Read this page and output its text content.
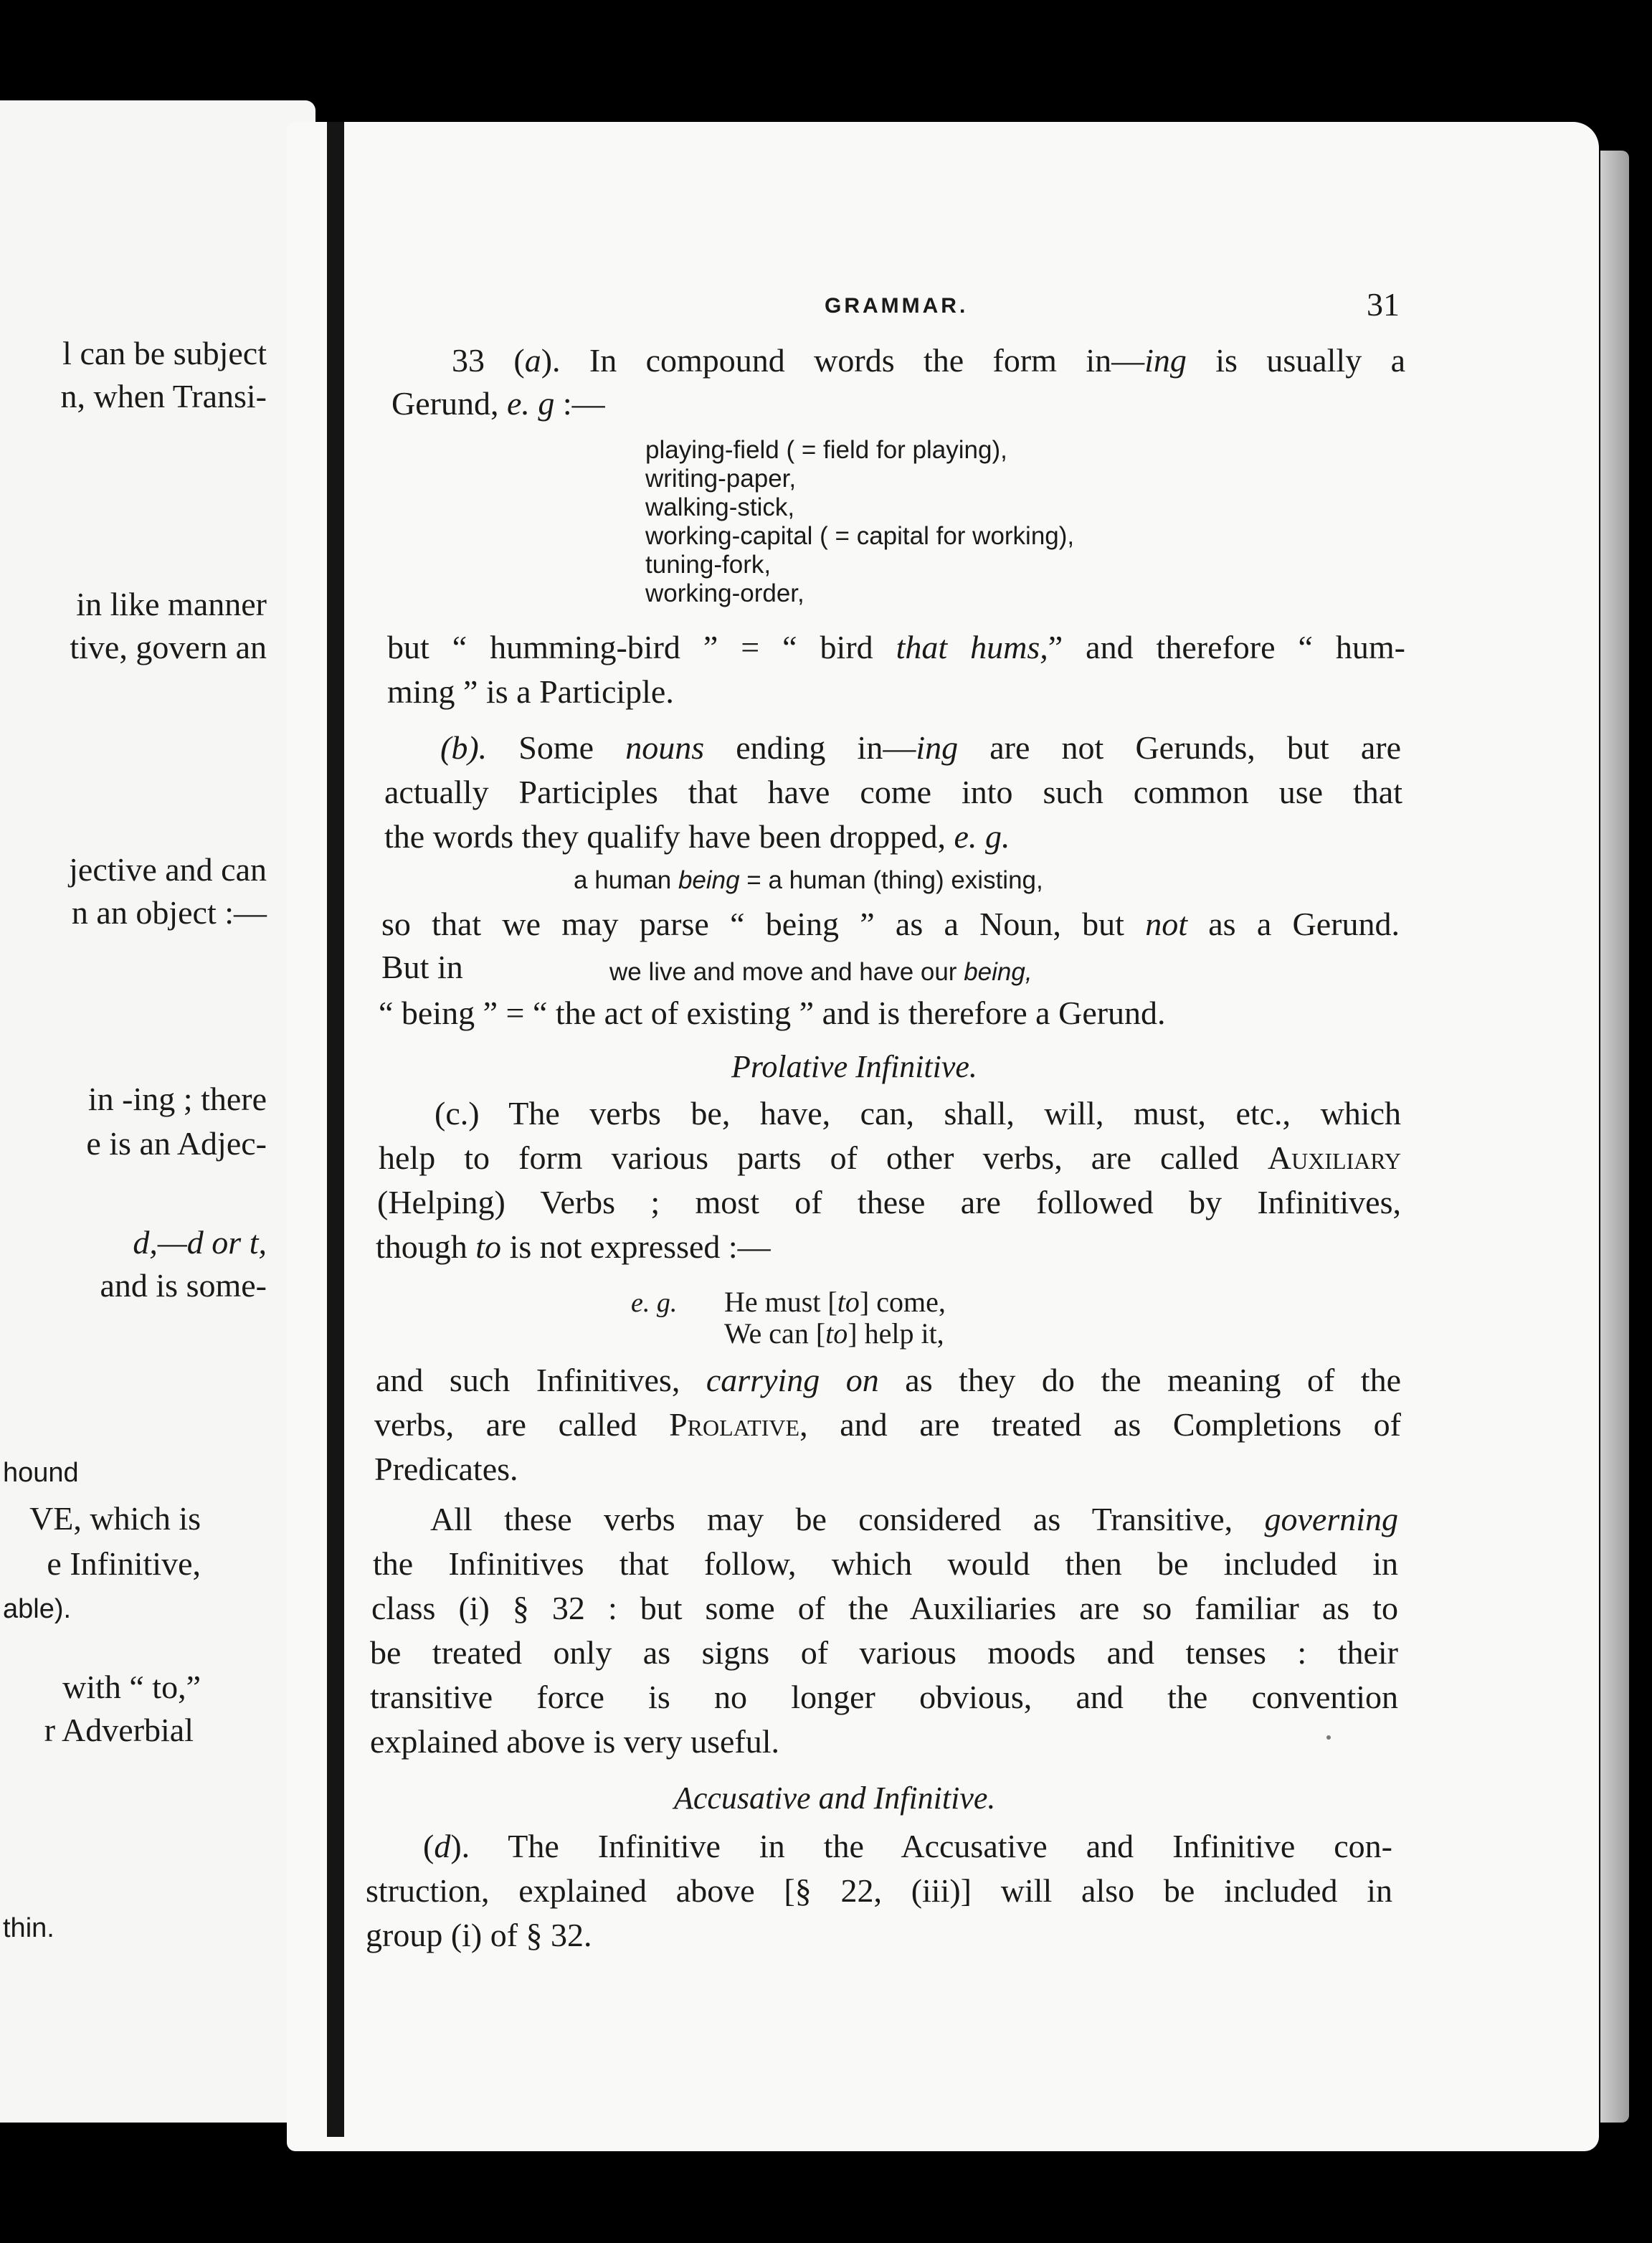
l can be subject
n, when Transi-
in like manner
tive, govern an
jective and can
n an object :—
in -ing ; there
e is an Adjec-
d,—d or t,
and is some-
hound
VE, which is
e Infinitive,
able).
with “ to,”
r Adverbial
thin.
GRAMMAR.	31
33 (a). In compound words the form in—ing is usually a
Gerund, e. g :—
playing-field ( = field for playing),
writing-paper,
walking-stick,
working-capital ( = capital for working),
tuning-fork,
working-order,
but “ humming-bird ” = “ bird that hums,” and therefore “ hum-
ming ” is a Participle.
(b). Some nouns ending in—ing are not Gerunds, but are
actually Participles that have come into such common use that
the words they qualify have been dropped, e. g.
a human being = a human (thing) existing,
so that we may parse “ being ” as a Noun, but not as a Gerund.
But in	we live and move and have our being,
“ being ” = “ the act of existing ” and is therefore a Gerund.
Prolative Infinitive.
(c.) The verbs be, have, can, shall, will, must, etc., which
help to form various parts of other verbs, are called Auxiliary
(Helping) Verbs ; most of these are followed by Infinitives,
though to is not expressed :—
e. g. He must [to] come,
We can [to] help it,
and such Infinitives, carrying on as they do the meaning of the
verbs, are called Prolative, and are treated as Completions of
Predicates.
All these verbs may be considered as Transitive, governing
the Infinitives that follow, which would then be included in
class (i) § 32 : but some of the Auxiliaries are so familiar as to
be treated only as signs of various moods and tenses : their
transitive force is no longer obvious, and the convention
explained above is very useful.
Accusative and Infinitive.
(d). The Infinitive in the Accusative and Infinitive con-
struction, explained above [§ 22, (iii)] will also be included in
group (i) of § 32.
